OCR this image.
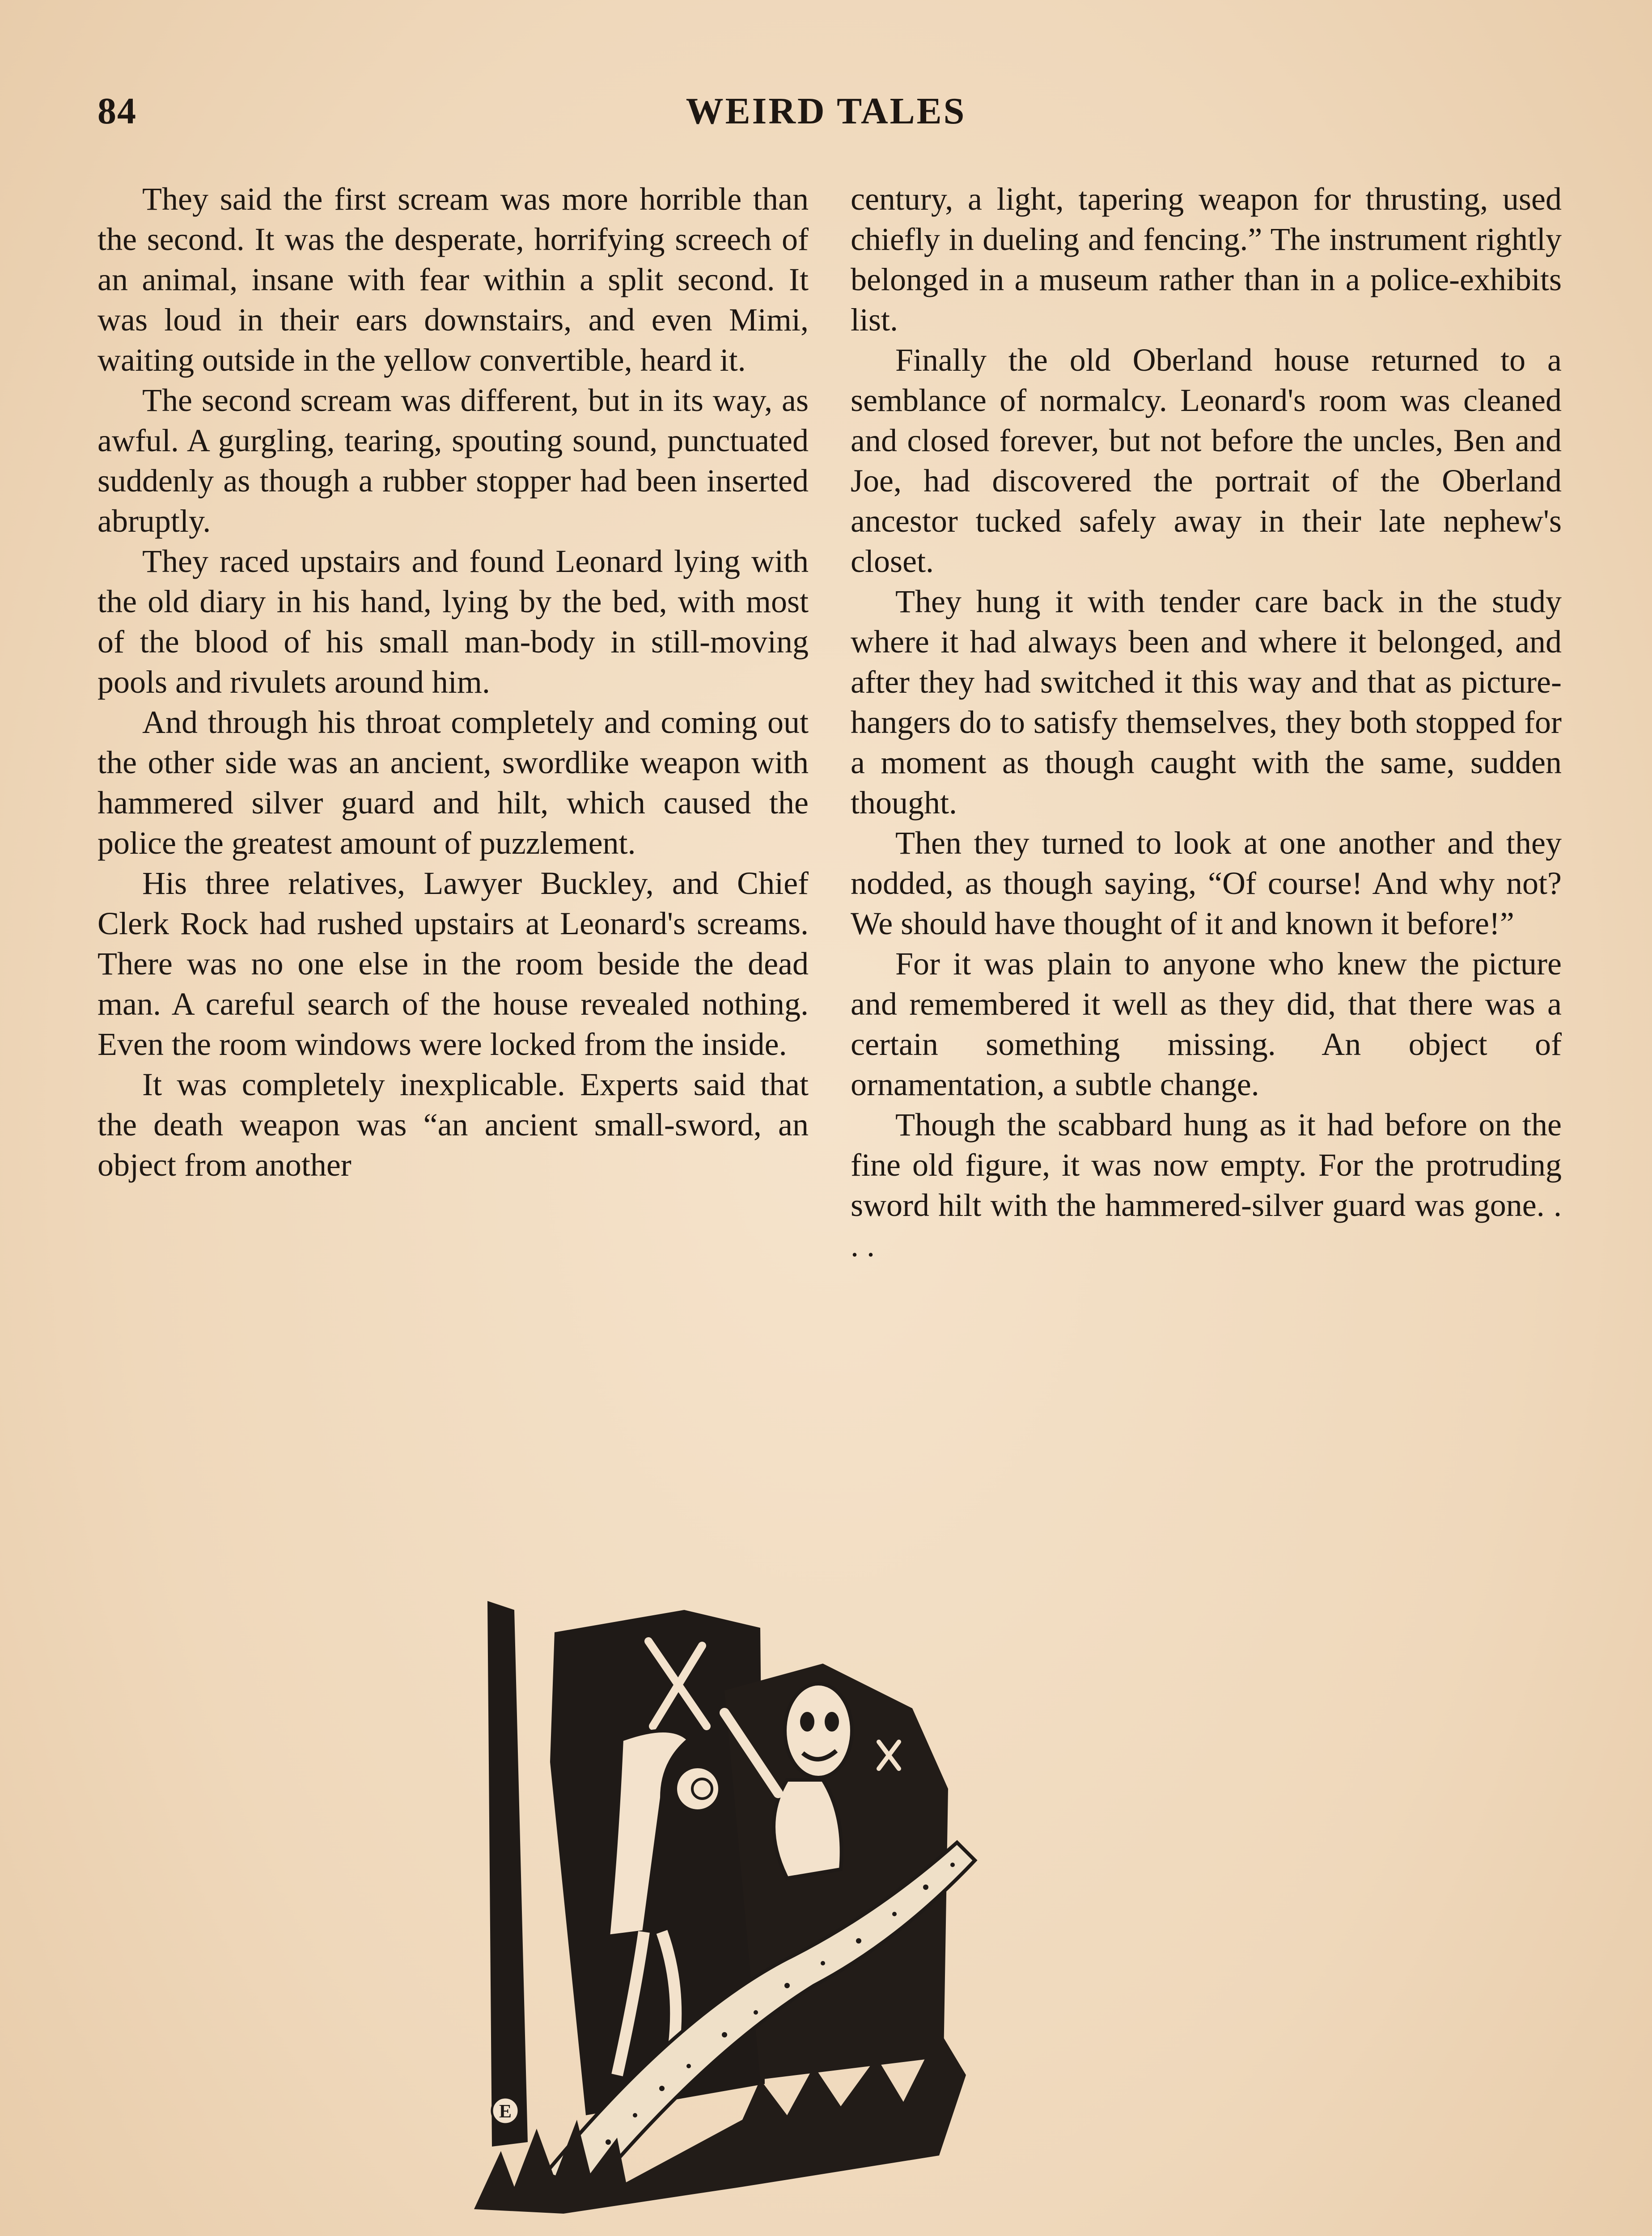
84	WEIRD TALES

They said the first scream was more horrible than the second. It was the desperate, horrifying screech of an animal, insane with fear within a split second. It was loud in their ears downstairs, and even Mimi, waiting outside in the yellow convertible, heard it.

The second scream was different, but in its way, as awful. A gurgling, tearing, spouting sound, punctuated suddenly as though a rubber stopper had been inserted abruptly.

They raced upstairs and found Leonard lying with the old diary in his hand, lying by the bed, with most of the blood of his small man-body in still-moving pools and rivulets around him.

And through his throat completely and coming out the other side was an ancient, swordlike weapon with hammered silver guard and hilt, which caused the police the greatest amount of puzzlement.

His three relatives, Lawyer Buckley, and Chief Clerk Rock had rushed upstairs at Leonard's screams. There was no one else in the room beside the dead man. A careful search of the house revealed nothing. Even the room windows were locked from the inside.

It was completely inexplicable. Experts said that the death weapon was “an ancient small-sword, an object from another

century, a light, tapering weapon for thrusting, used chiefly in dueling and fencing.” The instrument rightly belonged in a museum rather than in a police-exhibits list.

Finally the old Oberland house returned to a semblance of normalcy. Leonard's room was cleaned and closed forever, but not before the uncles, Ben and Joe, had discovered the portrait of the Oberland ancestor tucked safely away in their late nephew's closet.

They hung it with tender care back in the study where it had always been and where it belonged, and after they had switched it this way and that as picture-hangers do to satisfy themselves, they both stopped for a moment as though caught with the same, sudden thought.

Then they turned to look at one another and they nodded, as though saying, “Of course! And why not? We should have thought of it and known it before!”

For it was plain to anyone who knew the picture and remembered it well as they did, that there was a certain something missing. An object of ornamentation, a subtle change.

Though the scabbard hung as it had before on the fine old figure, it was now empty. For the protruding sword hilt with the hammered-silver guard was gone. . . .

E
